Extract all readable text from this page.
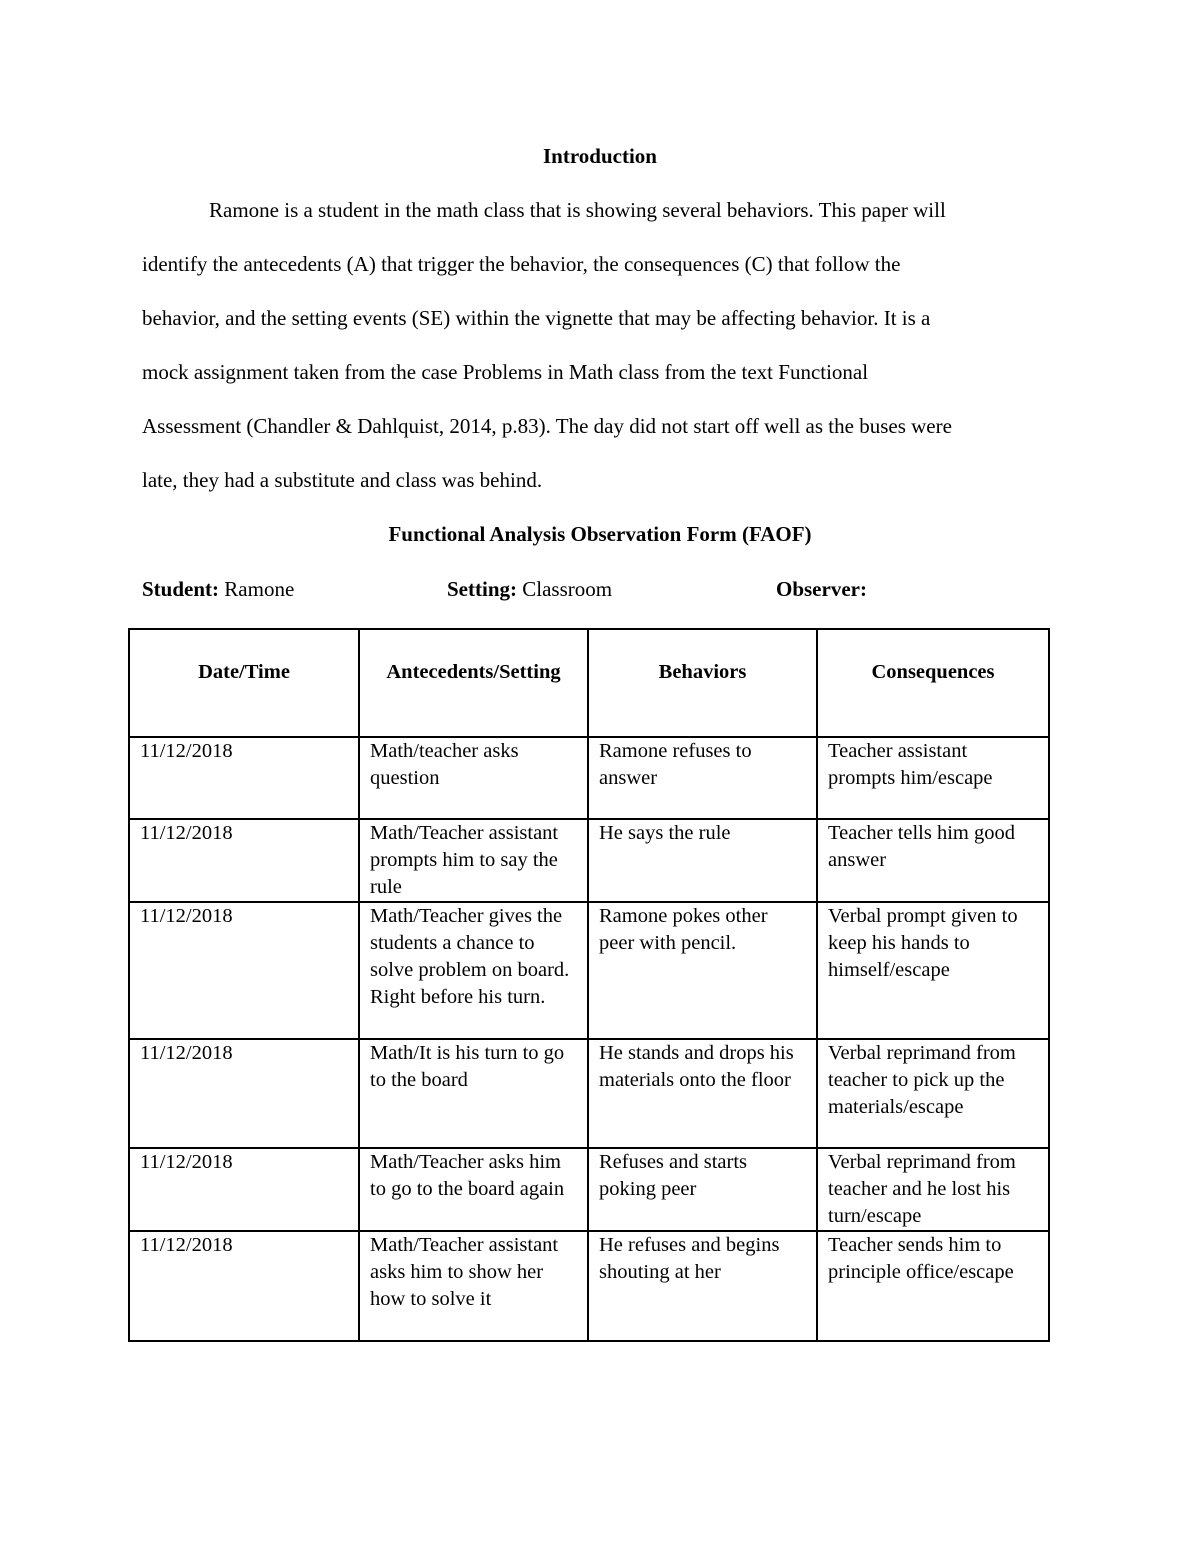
Introduction
Ramone is a student in the math class that is showing several behaviors. This paper will
identify the antecedents (A) that trigger the behavior, the consequences (C) that follow the
behavior, and the setting events (SE) within the vignette that may be affecting behavior. It is a
mock assignment taken from the case Problems in Math class from the text Functional
Assessment (Chandler & Dahlquist, 2014, p.83). The day did not start off well as the buses were
late, they had a substitute and class was behind.
Functional Analysis Observation Form (FAOF)
Student: Ramone	Setting: Classroom	Observer:
Date/Time	Antecedents/Setting	Behaviors	Consequences
11/12/2018	Math/teacher asks question	Ramone refuses to answer	Teacher assistant prompts him/escape
11/12/2018	Math/Teacher assistant prompts him to say the rule	He says the rule	Teacher tells him good answer
11/12/2018	Math/Teacher gives the students a chance to solve problem on board. Right before his turn.	Ramone pokes other peer with pencil.	Verbal prompt given to keep his hands to himself/escape
11/12/2018	Math/It is his turn to go to the board	He stands and drops his materials onto the floor	Verbal reprimand from teacher to pick up the materials/escape
11/12/2018	Math/Teacher asks him to go to the board again	Refuses and starts poking peer	Verbal reprimand from teacher and he lost his turn/escape
11/12/2018	Math/Teacher assistant asks him to show her how to solve it	He refuses and begins shouting at her	Teacher sends him to principle office/escape
